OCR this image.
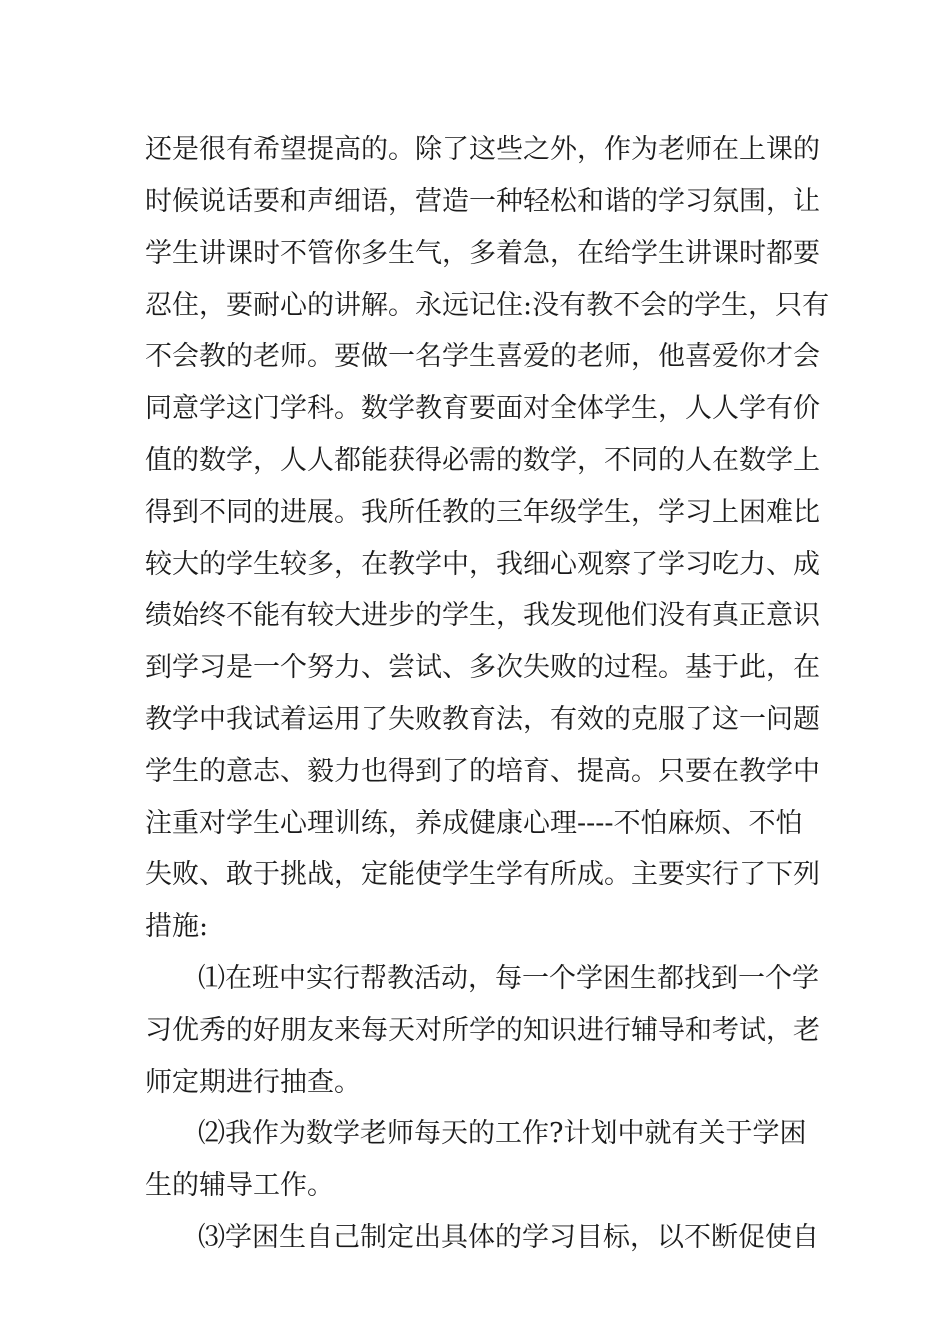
还是很有希望提高的。除了这些之外，作为老师在上课的
时候说话要和声细语，营造一种轻松和谐的学习氛围，让
学生讲课时不管你多生气，多着急，在给学生讲课时都要
忍住，要耐心的讲解。永远记住:没有教不会的学生，只有
不会教的老师。要做一名学生喜爱的老师，他喜爱你才会
同意学这门学科。数学教育要面对全体学生，人人学有价
值的数学，人人都能获得必需的数学，不同的人在数学上
得到不同的进展。我所任教的三年级学生，学习上困难比
较大的学生较多，在教学中，我细心观察了学习吃力、成
绩始终不能有较大进步的学生，我发现他们没有真正意识
到学习是一个努力、尝试、多次失败的过程。基于此，在
教学中我试着运用了失败教育法，有效的克服了这一问题
学生的意志、毅力也得到了的培育、提高。只要在教学中
注重对学生心理训练，养成健康心理----不怕麻烦、不怕
失败、敢于挑战，定能使学生学有所成。主要实行了下列
措施:
⑴在班中实行帮教活动，每一个学困生都找到一个学
习优秀的好朋友来每天对所学的知识进行辅导和考试，老
师定期进行抽查。
⑵我作为数学老师每天的工作?计划中就有关于学困
生的辅导工作。
⑶学困生自己制定出具体的学习目标，以不断促使自
